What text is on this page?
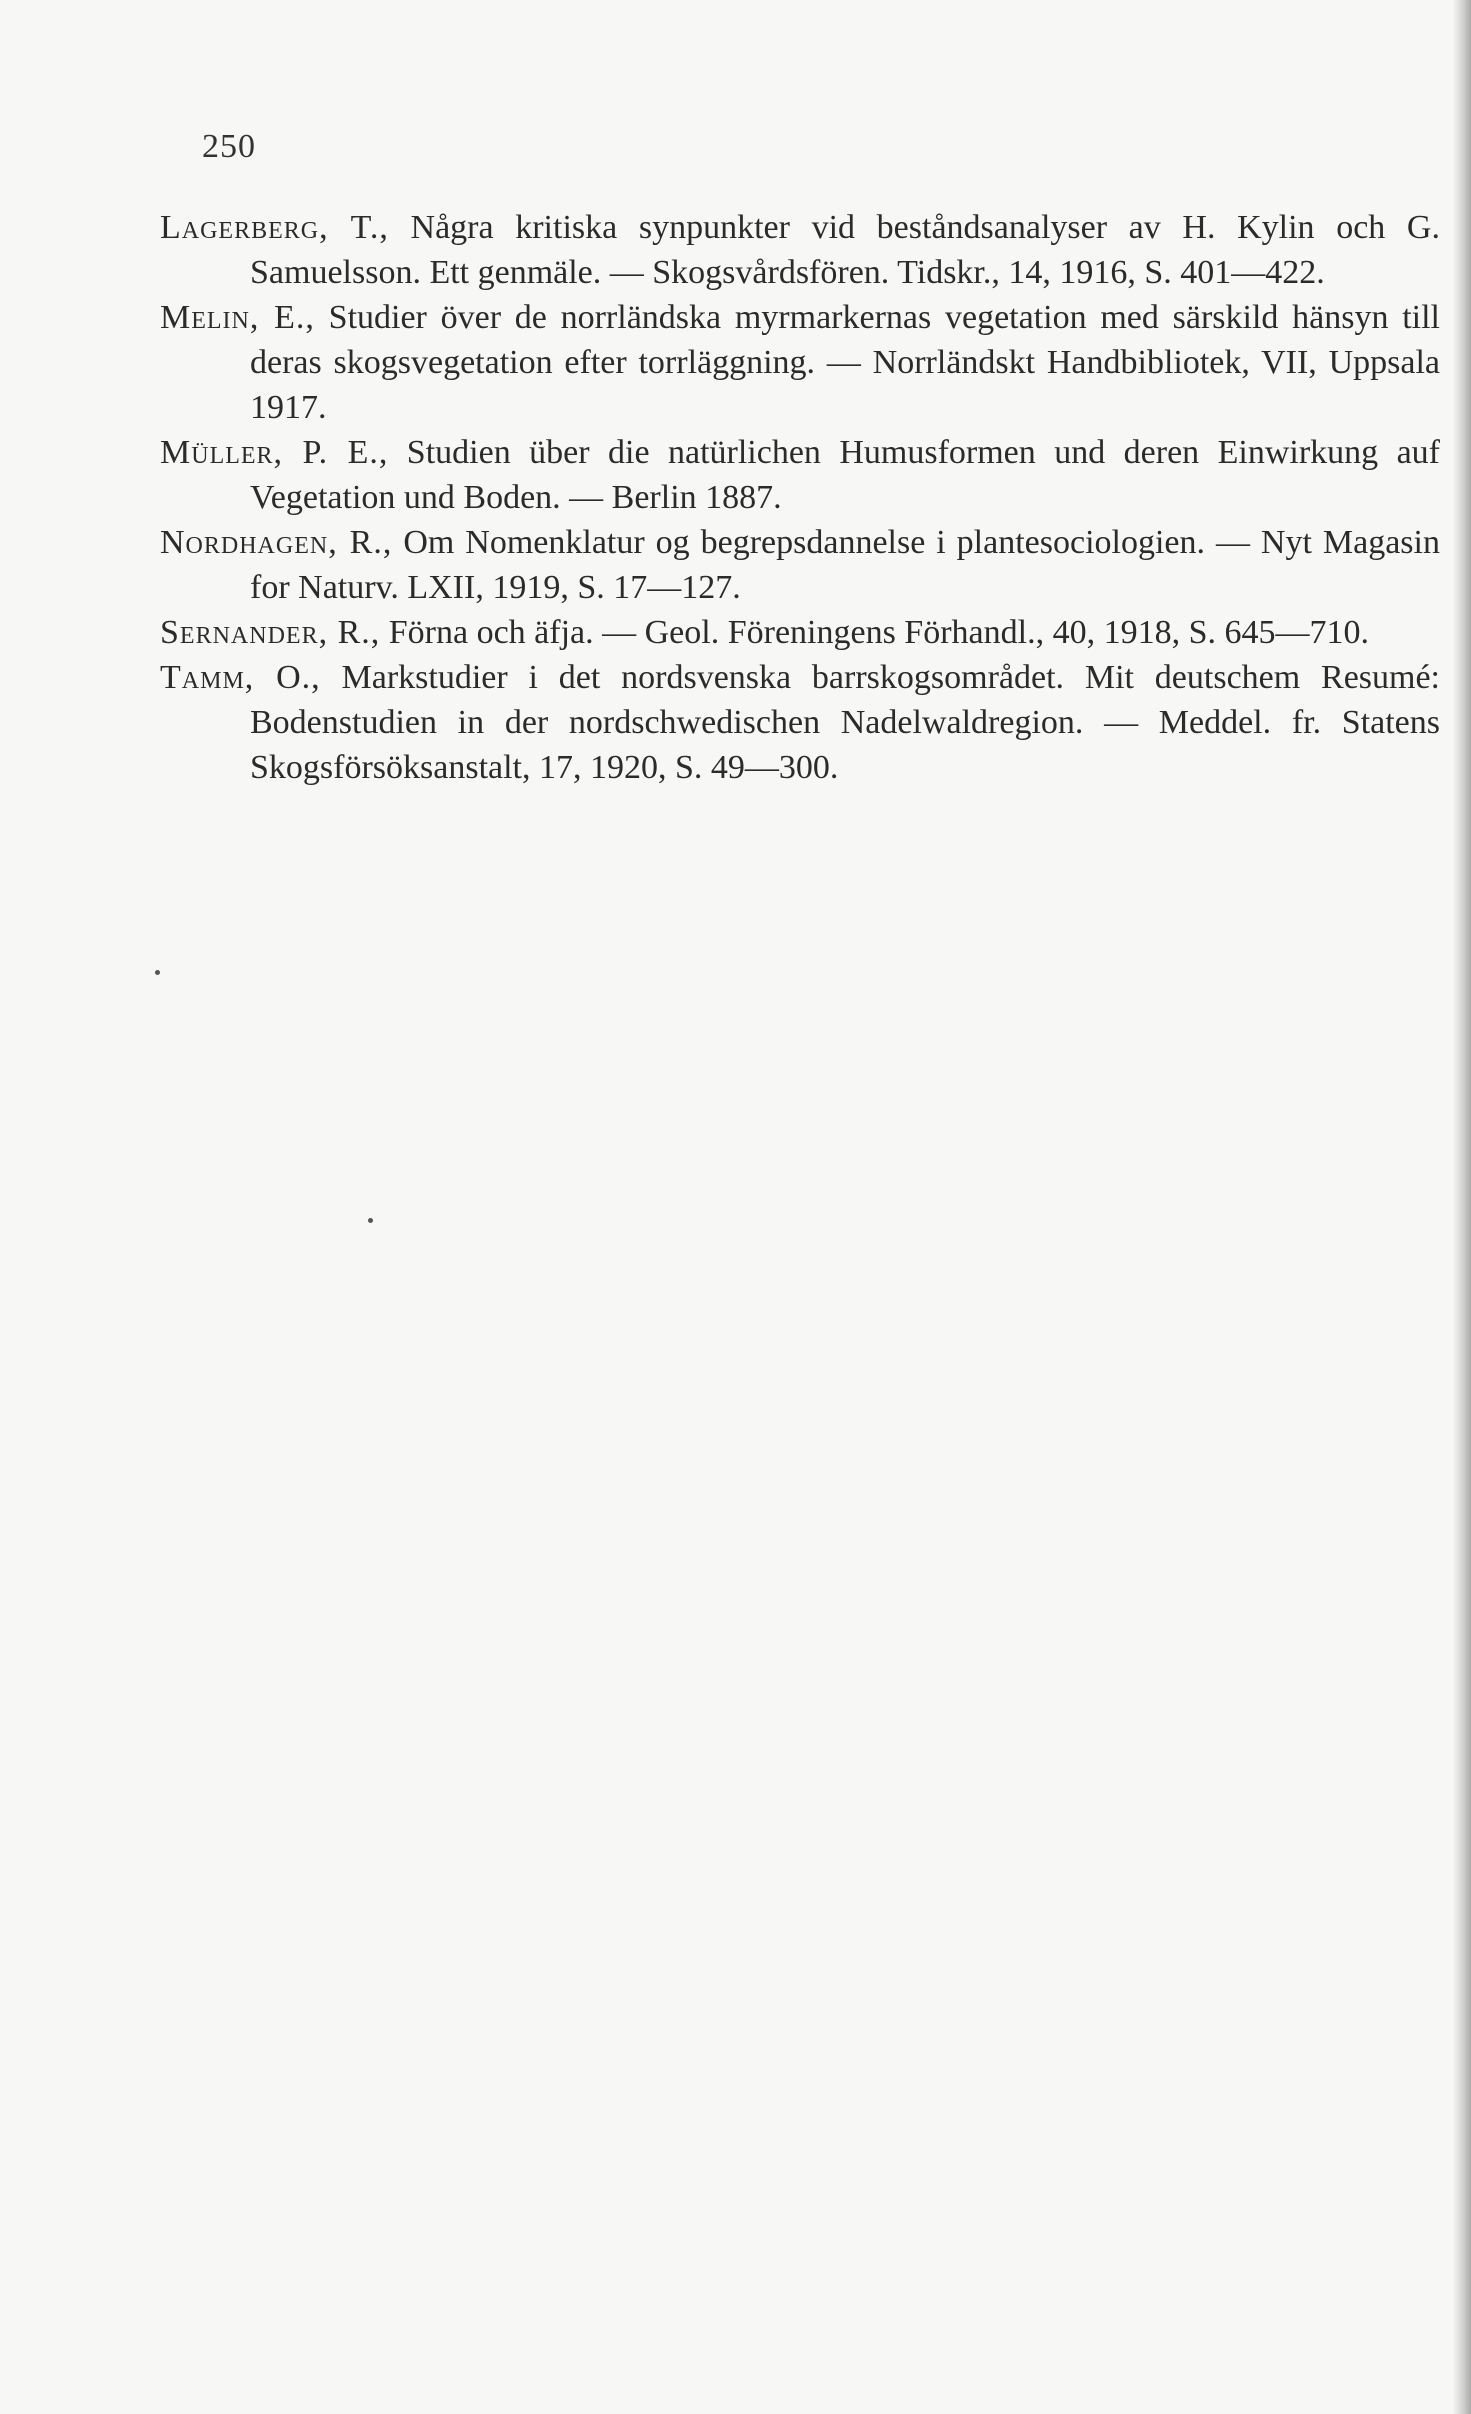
250

Lagerberg, T., Några kritiska synpunkter vid beståndsanalyser av H. Kylin och G. Samuelsson. Ett genmäle. — Skogsvårdsfören. Tidskr., 14, 1916, S. 401—422.

Melin, E., Studier över de norrländska myrmarkernas vegetation med särskild hänsyn till deras skogsvegetation efter torrläggning. — Norrländskt Handbibliotek, VII, Uppsala 1917.

Müller, P. E., Studien über die natürlichen Humusformen und deren Einwirkung auf Vegetation und Boden. — Berlin 1887.

Nordhagen, R., Om Nomenklatur og begrepsdannelse i plantesociologien. — Nyt Magasin for Naturv. LXII, 1919, S. 17—127.

Sernander, R., Förna och äfja. — Geol. Föreningens Förhandl., 40, 1918, S. 645—710.

Tamm, O., Markstudier i det nordsvenska barrskogsområdet. Mit deutschem Resumé: Bodenstudien in der nordschwedischen Nadelwaldregion. — Meddel. fr. Statens Skogsförsöksanstalt, 17, 1920, S. 49—300.
